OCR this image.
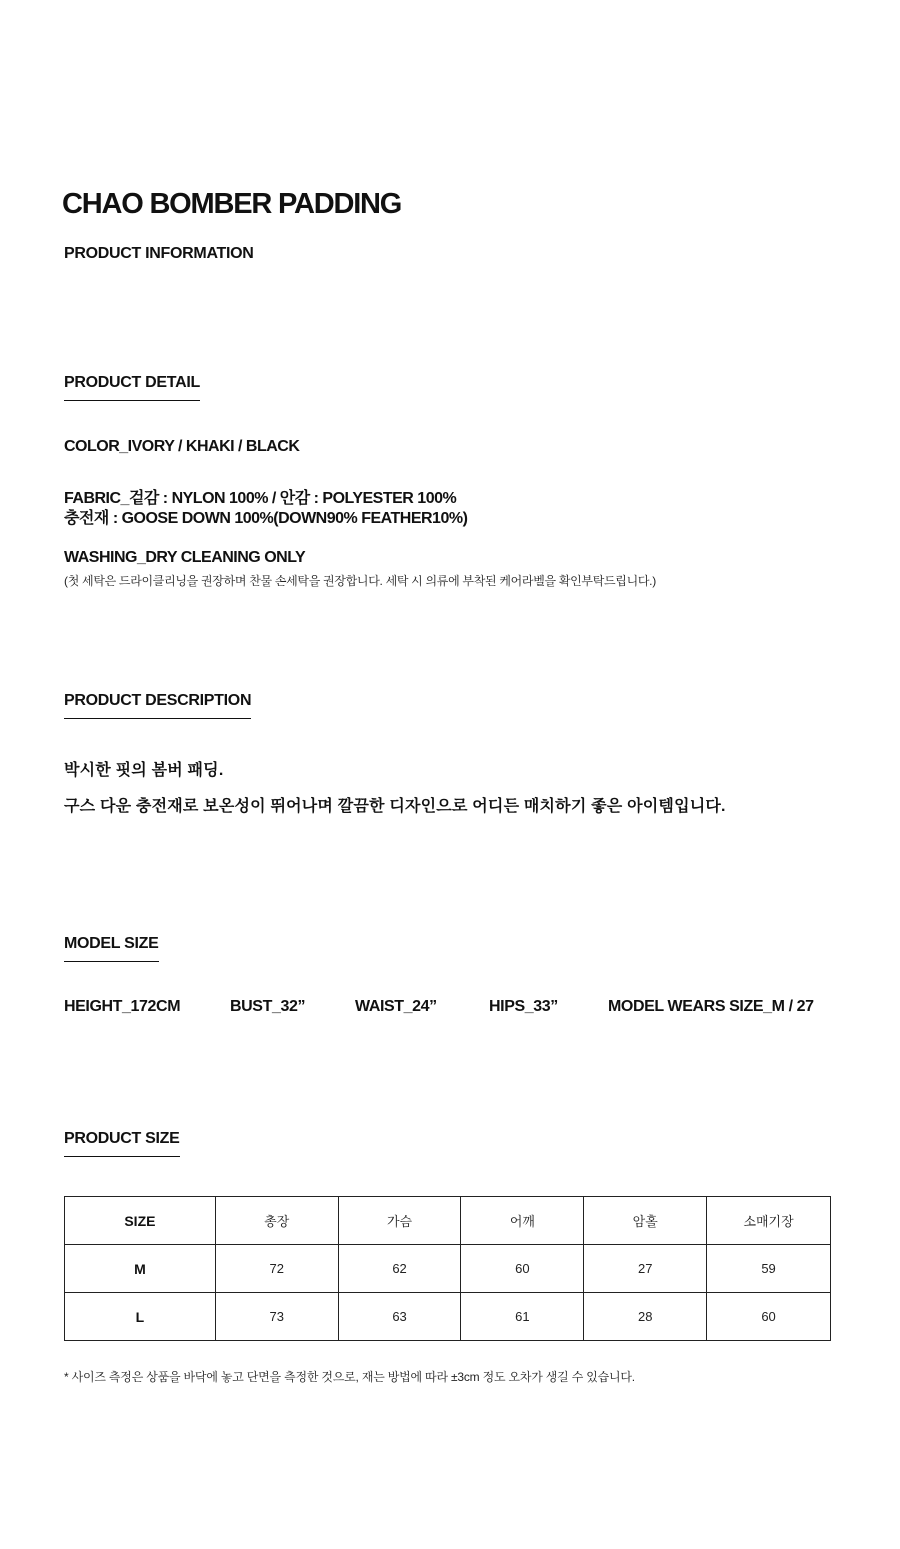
CHAO BOMBER PADDING
PRODUCT INFORMATION
PRODUCT DETAIL
COLOR_IVORY / KHAKI / BLACK
FABRIC_겉감 : NYLON 100% / 안감 : POLYESTER 100%
충전재 : GOOSE DOWN 100%(DOWN90% FEATHER10%)
WASHING_DRY CLEANING ONLY
(첫 세탁은 드라이클리닝을 권장하며 찬물 손세탁을 권장합니다. 세탁 시 의류에 부착된 케어라벨을 확인부탁드립니다.)
PRODUCT DESCRIPTION
박시한 핏의 봄버 패딩.
구스 다운 충전재로 보온성이 뛰어나며 깔끔한 디자인으로 어디든 매치하기 좋은 아이템입니다.
MODEL SIZE
HEIGHT_172CM	BUST_32”	WAIST_24”	HIPS_33”	MODEL WEARS SIZE_M / 27
PRODUCT SIZE
SIZE	총장	가슴	어깨	암홀	소매기장
M	72	62	60	27	59
L	73	63	61	28	60
* 사이즈 측정은 상품을 바닥에 놓고 단면을 측정한 것으로, 재는 방법에 따라 ±3cm 정도 오차가 생길 수 있습니다.
